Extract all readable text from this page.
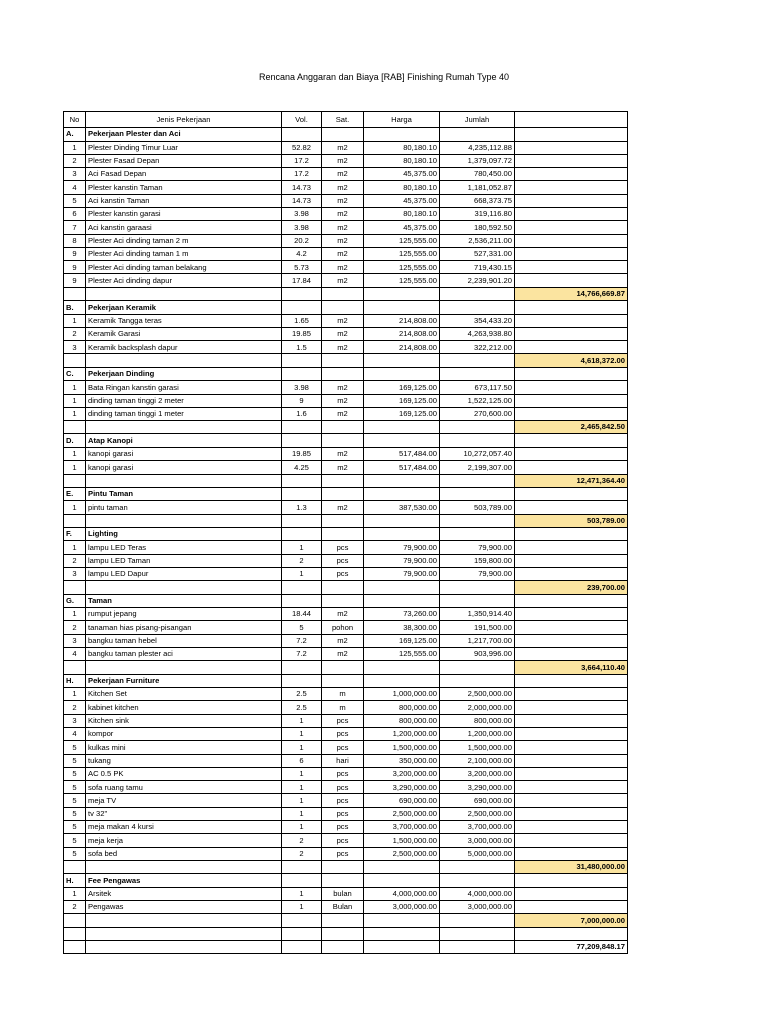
Rencana Anggaran dan Biaya [RAB] Finishing Rumah Type 40
No	Jenis Pekerjaan	Vol.	Sat.	Harga	Jumlah	
A.	Pekerjaan Plester dan Aci					
1	Plester Dinding Timur Luar	52.82	m2	80,180.10	4,235,112.88	
2	Plester Fasad Depan	17.2	m2	80,180.10	1,379,097.72	
3	Aci Fasad Depan	17.2	m2	45,375.00	780,450.00	
4	Plester kanstin Taman	14.73	m2	80,180.10	1,181,052.87	
5	Aci kanstin Taman	14.73	m2	45,375.00	668,373.75	
6	Plester kanstin garasi	3.98	m2	80,180.10	319,116.80	
7	Aci kanstin garaasi	3.98	m2	45,375.00	180,592.50	
8	Plester Aci dinding taman 2 m	20.2	m2	125,555.00	2,536,211.00	
9	Plester Aci dinding taman 1 m	4.2	m2	125,555.00	527,331.00	
9	Plester Aci dinding taman belakang	5.73	m2	125,555.00	719,430.15	
9	Plester Aci dinding dapur	17.84	m2	125,555.00	2,239,901.20	
						14,766,669.87
B.	Pekerjaan Keramik					
1	Keramik Tangga teras	1.65	m2	214,808.00	354,433.20	
2	Keramik Garasi	19.85	m2	214,808.00	4,263,938.80	
3	Keramik backsplash dapur	1.5	m2	214,808.00	322,212.00	
						4,618,372.00
C.	Pekerjaan Dinding					
1	Bata Ringan kanstin garasi	3.98	m2	169,125.00	673,117.50	
1	dinding taman tinggi 2 meter	9	m2	169,125.00	1,522,125.00	
1	dinding taman tinggi 1 meter	1.6	m2	169,125.00	270,600.00	
						2,465,842.50
D.	Atap Kanopi					
1	kanopi garasi	19.85	m2	517,484.00	10,272,057.40	
1	kanopi garasi	4.25	m2	517,484.00	2,199,307.00	
						12,471,364.40
E.	Pintu Taman					
1	pintu taman	1.3	m2	387,530.00	503,789.00	
						503,789.00
F.	Lighting					
1	lampu LED Teras	1	pcs	79,900.00	79,900.00	
2	lampu LED Taman	2	pcs	79,900.00	159,800.00	
3	lampu LED Dapur	1	pcs	79,900.00	79,900.00	
						239,700.00
G.	Taman					
1	rumput jepang	18.44	m2	73,260.00	1,350,914.40	
2	tanaman hias pisang-pisangan	5	pohon	38,300.00	191,500.00	
3	bangku taman hebel	7.2	m2	169,125.00	1,217,700.00	
4	bangku taman plester aci	7.2	m2	125,555.00	903,996.00	
						3,664,110.40
H.	Pekerjaan Furniture					
1	Kitchen Set	2.5	m	1,000,000.00	2,500,000.00	
2	kabinet kitchen	2.5	m	800,000.00	2,000,000.00	
3	Kitchen sink	1	pcs	800,000.00	800,000.00	
4	kompor	1	pcs	1,200,000.00	1,200,000.00	
5	kulkas mini	1	pcs	1,500,000.00	1,500,000.00	
5	tukang	6	hari	350,000.00	2,100,000.00	
5	AC 0.5 PK	1	pcs	3,200,000.00	3,200,000.00	
5	sofa ruang tamu	1	pcs	3,290,000.00	3,290,000.00	
5	meja TV	1	pcs	690,000.00	690,000.00	
5	tv 32"	1	pcs	2,500,000.00	2,500,000.00	
5	meja makan 4 kursi	1	pcs	3,700,000.00	3,700,000.00	
5	meja kerja	2	pcs	1,500,000.00	3,000,000.00	
5	sofa bed	2	pcs	2,500,000.00	5,000,000.00	
						31,480,000.00
H.	Fee Pengawas					
1	Arsitek	1	bulan	4,000,000.00	4,000,000.00	
2	Pengawas	1	Bulan	3,000,000.00	3,000,000.00	
						7,000,000.00

						77,209,848.17
